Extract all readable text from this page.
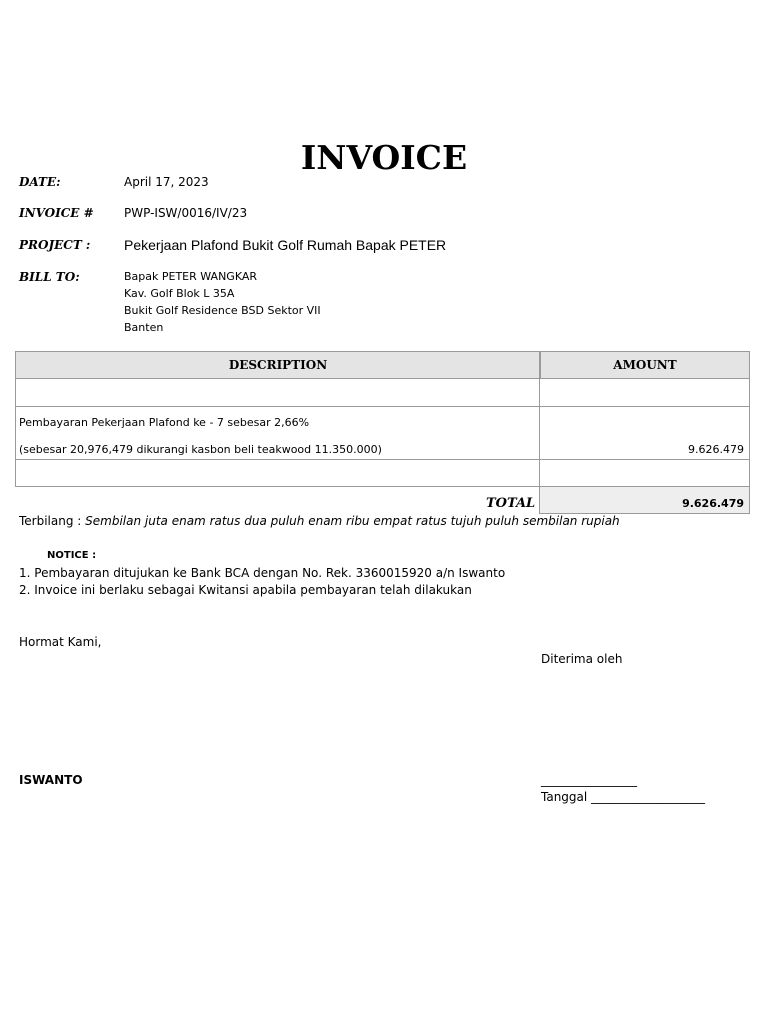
INVOICE
DATE:	April 17, 2023
INVOICE #	PWP-ISW/0016/IV/23
PROJECT : Pekerjaan Plafond Bukit Golf Rumah Bapak PETER
BILL TO:	Bapak PETER WANGKAR
Kav. Golf Blok L 35A
Bukit Golf Residence BSD Sektor VII
Banten
DESCRIPTION	AMOUNT
Pembayaran Pekerjaan Plafond ke - 7 sebesar 2,66%
(sebesar 20,976,479 dikurangi kasbon beli teakwood 11.350.000)	9.626.479
TOTAL	9.626.479
Terbilang : Sembilan juta enam ratus dua puluh enam ribu empat ratus tujuh puluh sembilan rupiah
NOTICE :
1. Pembayaran ditujukan ke Bank BCA dengan No. Rek. 3360015920 a/n Iswanto
2. Invoice ini berlaku sebagai Kwitansi apabila pembayaran telah dilakukan
Hormat Kami,
Diterima oleh
ISWANTO	________________
Tanggal ___________________
